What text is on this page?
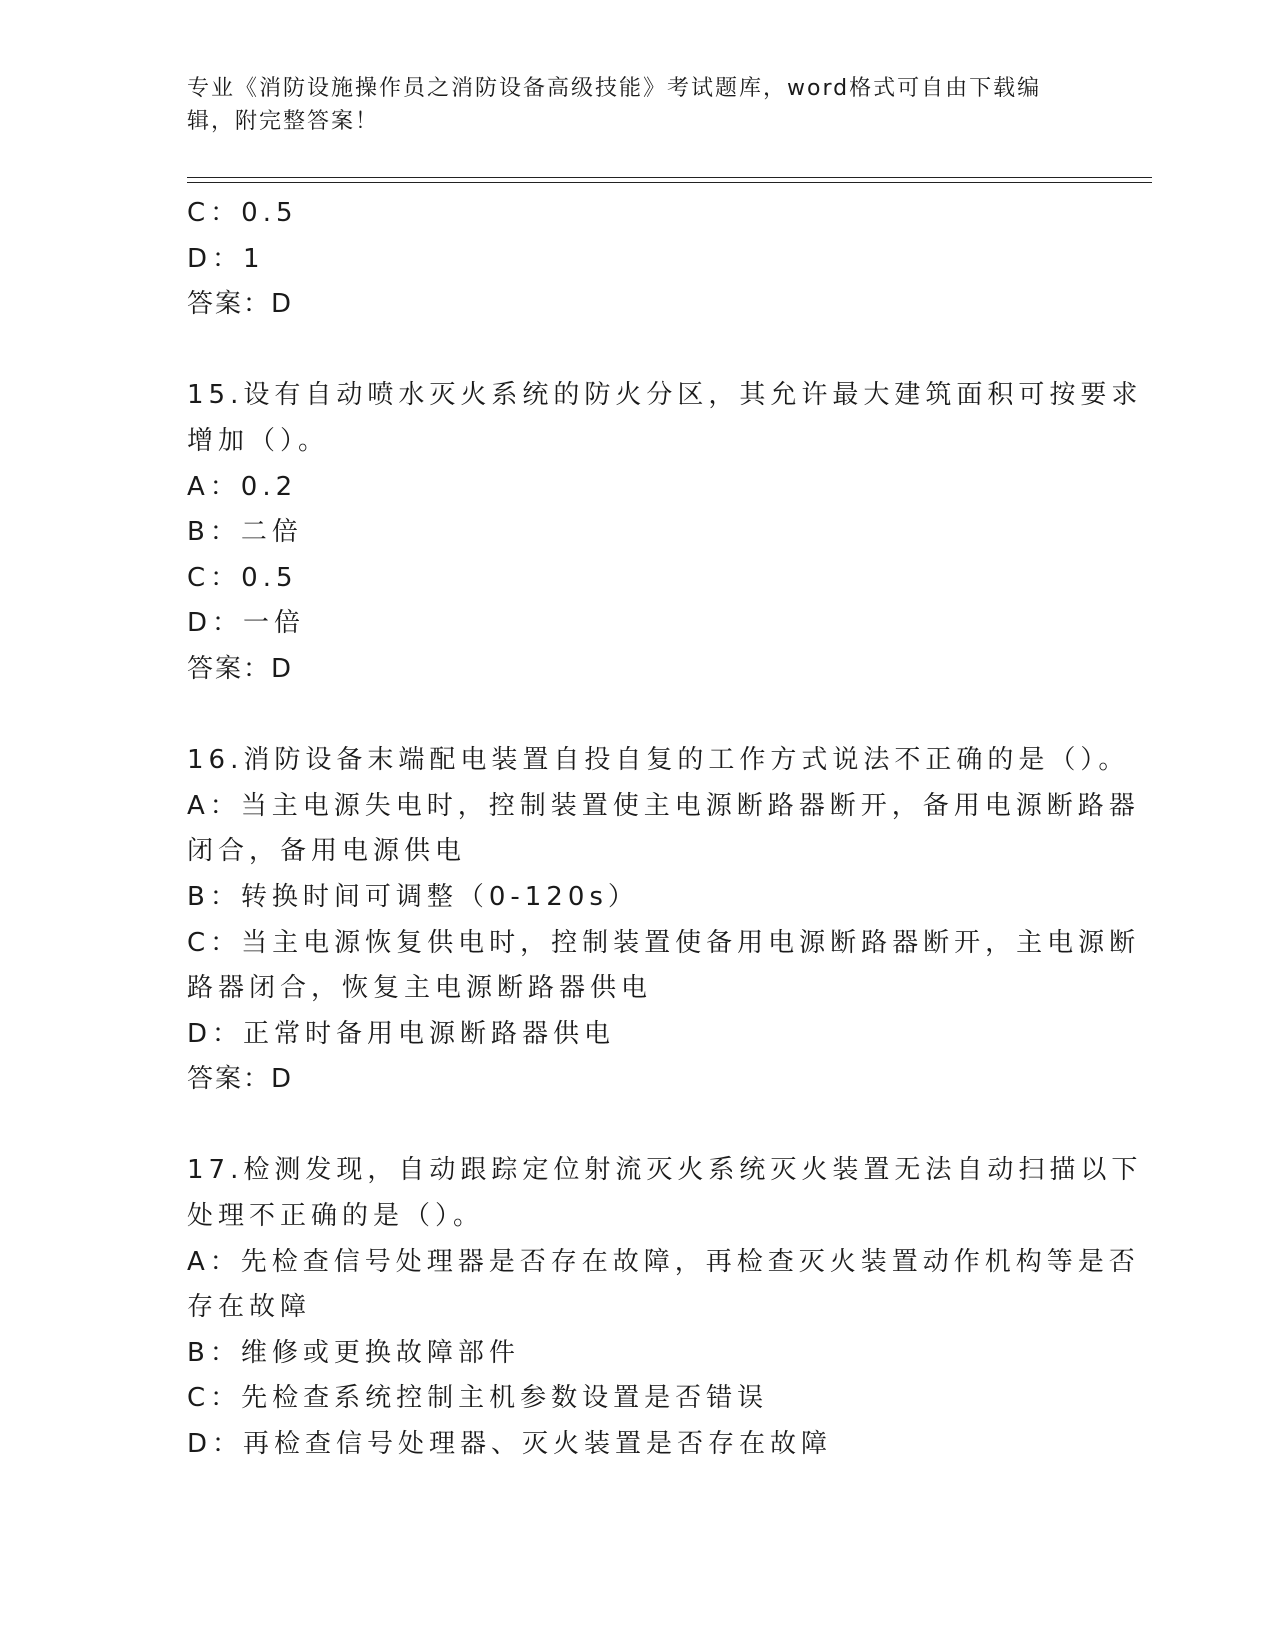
专业《消防设施操作员之消防设备高级技能》考试题库，word格式可自由下载编
辑，附完整答案！
C：0.5
D：1
答案：D
15.设有自动喷水灭火系统的防火分区，其允许最大建筑面积可按要求
增加（）。
A：0.2
B：二倍
C：0.5
D：一倍
答案：D
16.消防设备末端配电装置自投自复的工作方式说法不正确的是（）。
A：当主电源失电时，控制装置使主电源断路器断开，备用电源断路器
闭合，备用电源供电
B：转换时间可调整（0-120s）
C：当主电源恢复供电时，控制装置使备用电源断路器断开，主电源断
路器闭合，恢复主电源断路器供电
D：正常时备用电源断路器供电
答案：D
17.检测发现，自动跟踪定位射流灭火系统灭火装置无法自动扫描以下
处理不正确的是（）。
A：先检查信号处理器是否存在故障，再检查灭火装置动作机构等是否
存在故障
B：维修或更换故障部件
C：先检查系统控制主机参数设置是否错误
D：再检查信号处理器、灭火装置是否存在故障
